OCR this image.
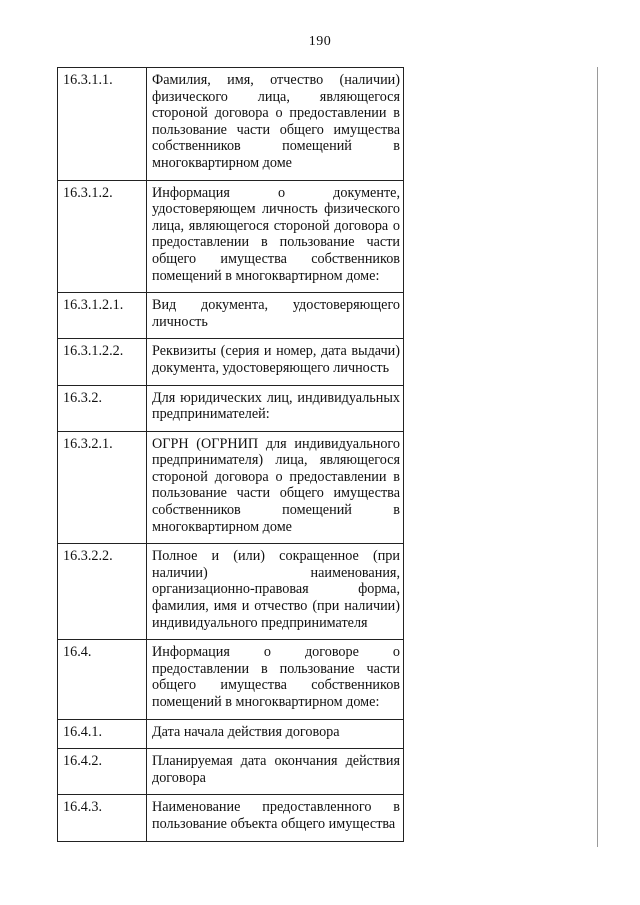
190
16.3.1.1.	Фамилия, имя, отчество (наличии) физического лица, являющегося стороной договора о предоставлении в пользование части общего имущества собственников помещений в многоквартирном доме
16.3.1.2.	Информация о документе, удостоверяющем личность физического лица, являющегося стороной договора о предоставлении в пользование части общего имущества собственников помещений в многоквартирном доме:
16.3.1.2.1.	Вид документа, удостоверяющего личность
16.3.1.2.2.	Реквизиты (серия и номер, дата выдачи) документа, удостоверяющего личность
16.3.2.	Для юридических лиц, индивидуальных предпринимателей:
16.3.2.1.	ОГРН (ОГРНИП для индивидуального предпринимателя) лица, являющегося стороной договора о предоставлении в пользование части общего имущества собственников помещений в многоквартирном доме
16.3.2.2.	Полное и (или) сокращенное (при наличии) наименования, организационно-правовая форма, фамилия, имя и отчество (при наличии) индивидуального предпринимателя
16.4.	Информация о договоре о предоставлении в пользование части общего имущества собственников помещений в многоквартирном доме:
16.4.1.	Дата начала действия договора
16.4.2.	Планируемая дата окончания действия договора
16.4.3.	Наименование предоставленного в пользование объекта общего имущества
